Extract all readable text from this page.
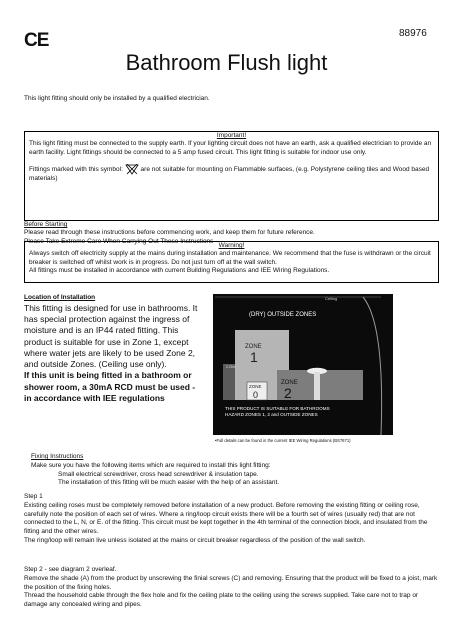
CE	88976
Bathroom Flush light
This light fitting should only be installed by a qualified electrician.

Important!

This light fitting must be connected to the supply earth. If your lighting circuit does not have an earth, ask a qualified electrician to provide an earth facility. Light fittings should be connected to a 5 amp fused circuit. This light fitting is suitable for indoor use only.

Fittings marked with this symbol:	are not suitable for mounting on Flammable surfaces, (e.g. Polystyrene ceiling tiles and Wood based materials)

Before Starting
Please read through these instructions before commencing work, and keep them for future reference.
Please Take Extreme Care When Carrying Out These Instructions

Warning!

Always switch off electricity supply at the mains during installation and maintenance. We recommend that the fuse is withdrawn or the circuit breaker is switched off whilst work is in progress. Do not just turn off at the wall switch.

All fittings must be installed in accordance with current Building Regulations and IEE Wiring Regulations.

Location of Installation
This fitting is designed for use in bathrooms. It has special protection against the ingress of moisture and is an IP44 rated fitting. This product is suitable for use in Zone 1, except where water jets are likely to be used Zone 2, and outside Zones. (Ceiling use only).
If this unit is being fitted in a bathroom or shower room, a 30mA RCD must be used - in accordance with IEE regulations
Ceiling
(DRY) OUTSIDE ZONES
2.25m
ZONE
1
ZONE
0
ZONE
2
THIS PRODUCT IS SUITABLE FOR BATHROOMS
HAZARD ZONES 1, 2 and OUTSIDE ZONES
•Full details can be found in the current IEE Wiring Regulations (BS7671)
Fixing Instructions
Make sure you have the following items which are required to install this light fitting:
Small electrical screwdriver, cross head screwdriver & insulation tape.
The installation of this fitting will be much easier with the help of an assistant.
Step 1
Existing ceiling roses must be completely removed before installation of a new product. Before removing the existing fitting or ceiling rose, carefully note the position of each set of wires. Where a ring/loop circuit exists there will be a fourth set of wires (usually red) that are not connected to the L, N, or E. of the fitting. This circuit must be kept together in the 4th terminal of the connection block, and insulated from the fitting and the other wires.
The ring/loop will remain live unless isolated at the mains or circuit breaker regardless of the position of the wall switch.
Step 2 - see diagram 2 overleaf.
Remove the shade (A) from the product by unscrewing the finial screws (C) and removing. Ensuring that the product will be fixed to a joist, mark the position of the fixing holes.
Thread the household cable through the flex hole and fix the ceiling plate to the ceiling using the screws supplied. Take care not to trap or damage any concealed wiring and pipes.
